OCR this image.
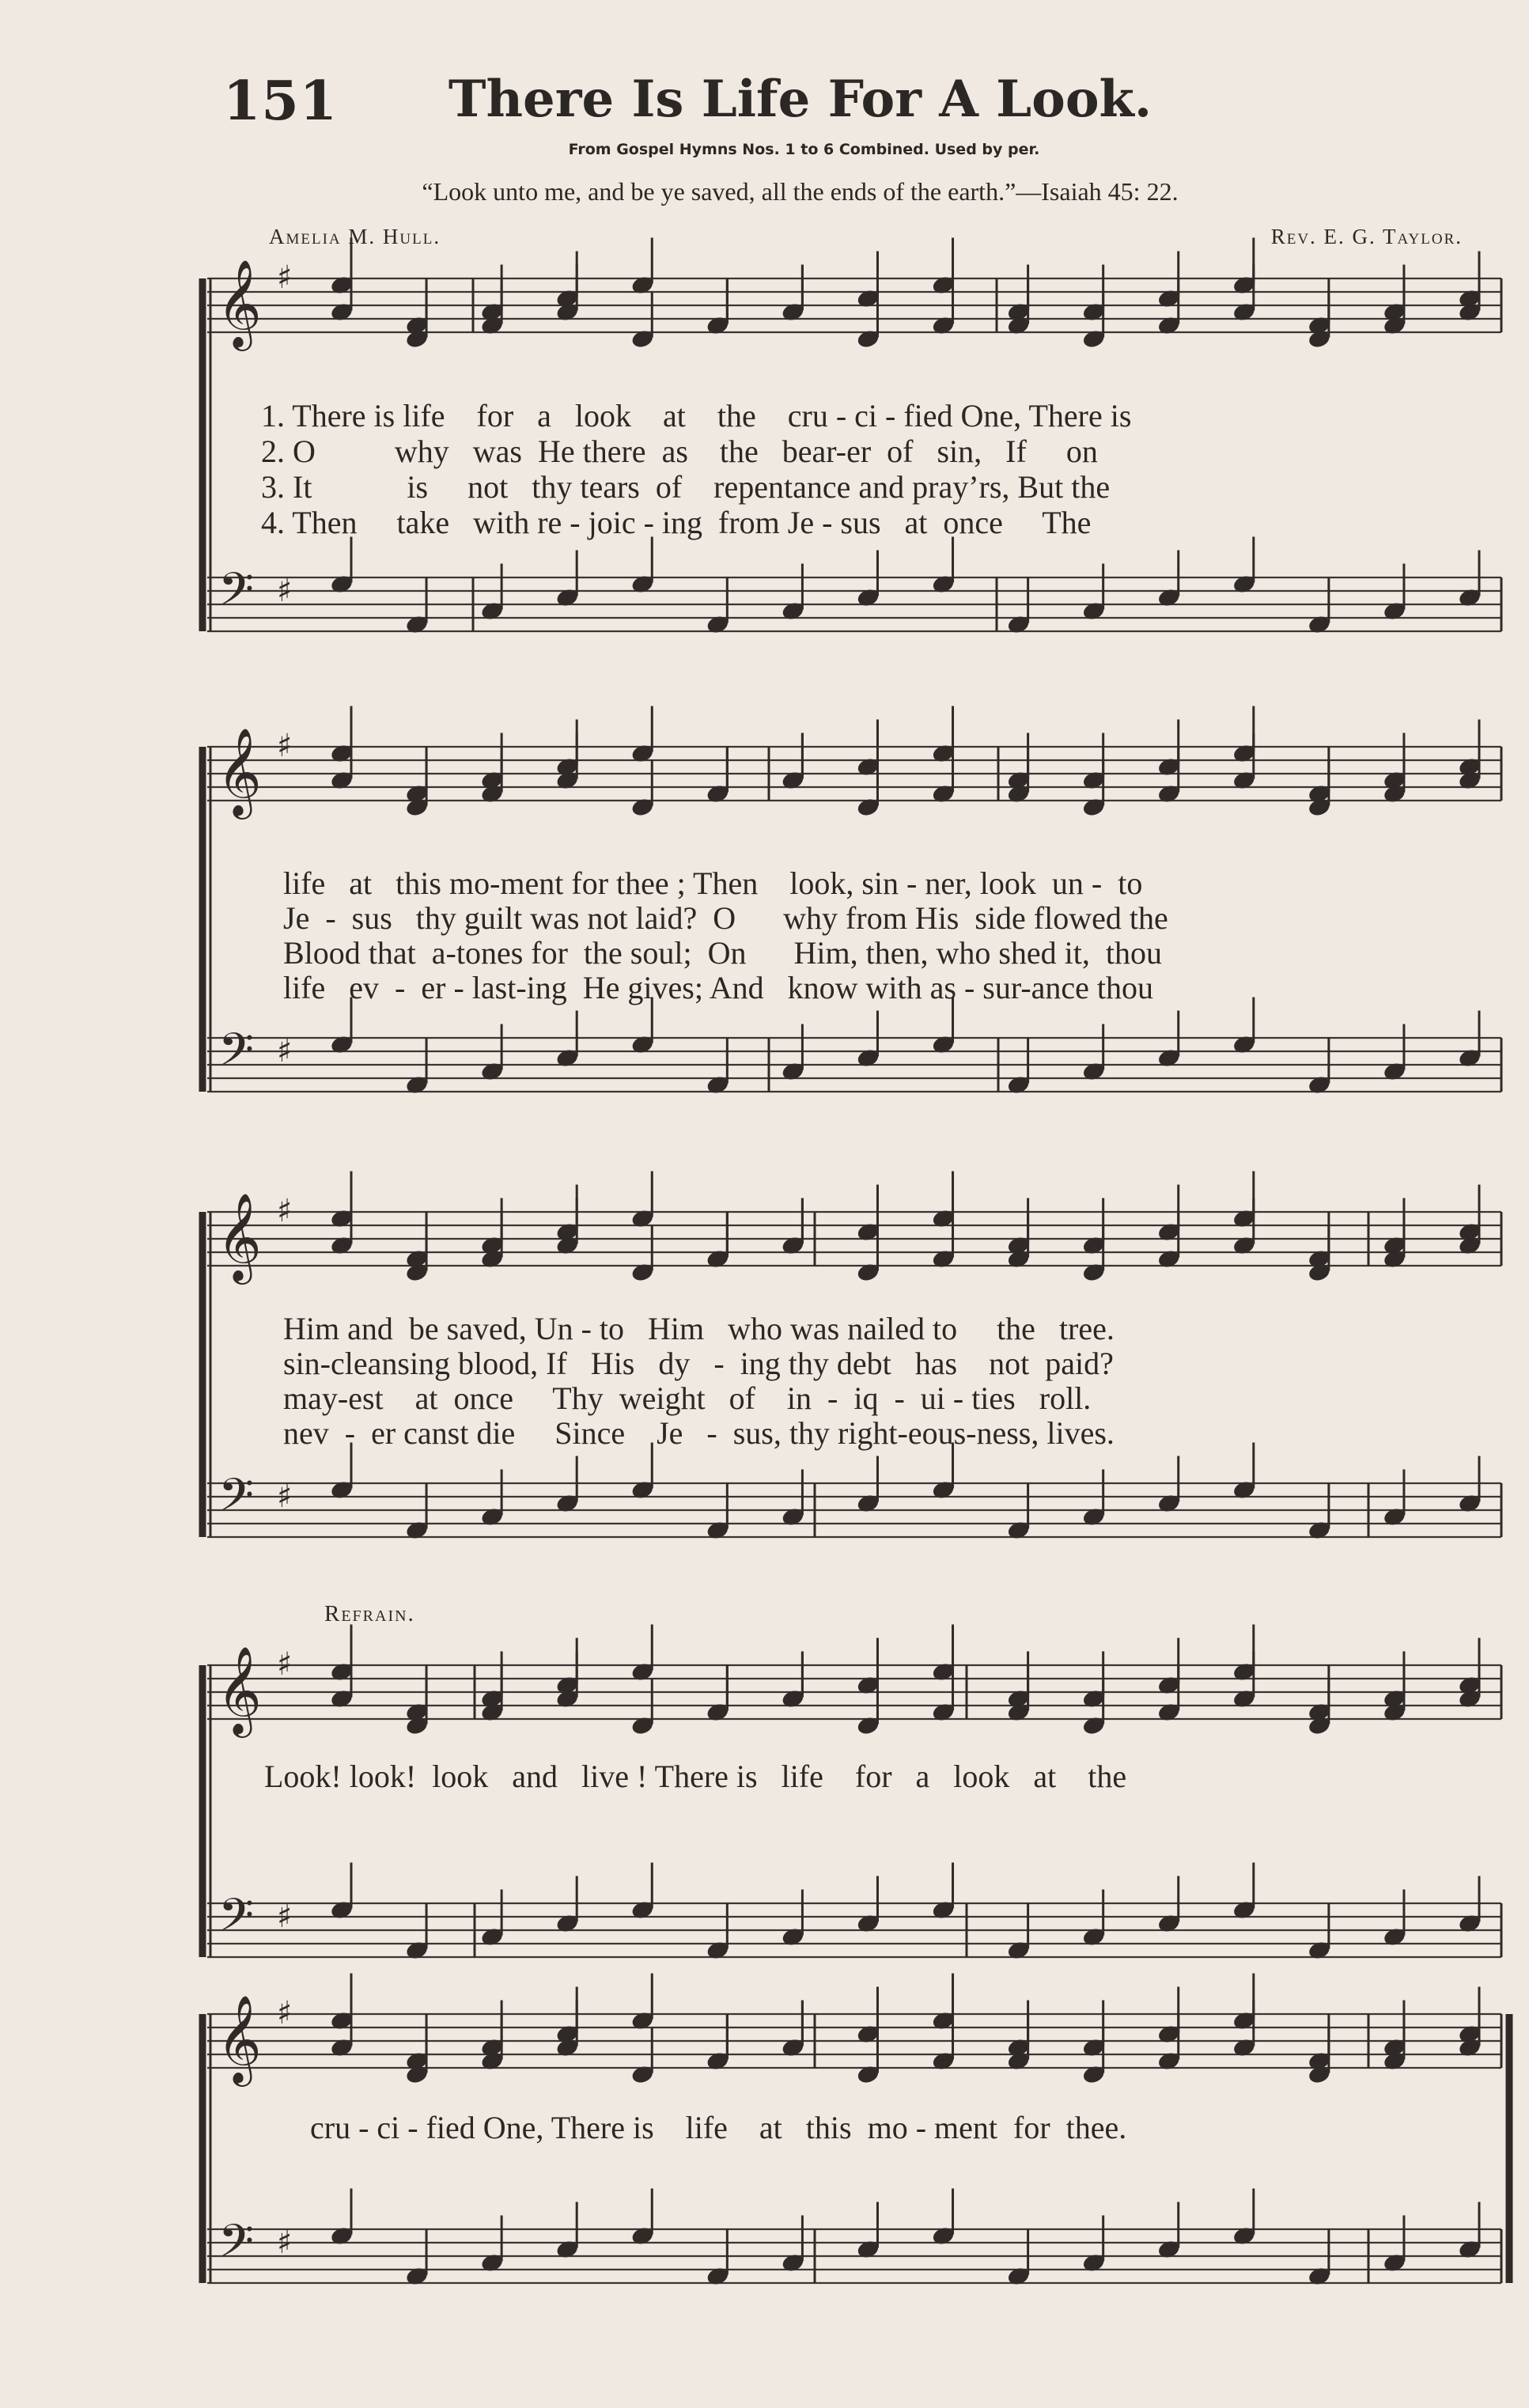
151	There Is Life For A Look.
From Gospel Hymns Nos. 1 to 6 Combined. Used by per.
“Look unto me, and be ye saved, all the ends of the earth.”—Isaiah 45: 22.
Amelia M. Hull.	Rev. E. G. Taylor.
Refrain.
𝄞
𝄢
♯
♯
𝄞
𝄢
♯
♯
𝄞
𝄢
♯
♯
𝄞
𝄢
♯
♯
𝄞
𝄢
♯
♯
1. There is life    for   a   look    at    the    cru - ci - fied One, There is
2. O          why   was  He there  as    the   bear-er  of   sin,   If     on
3. It            is     not   thy tears  of    repentance and pray’rs, But the
4. Then     take   with re - joic - ing  from Je - sus   at  once     The
life   at   this mo-ment for thee ; Then    look, sin - ner, look  un -  to
Je  -  sus   thy guilt was not laid?  O      why from His  side flowed the
Blood that  a-tones for  the soul;  On      Him, then, who shed it,  thou
life   ev  -  er - last-ing  He gives; And   know with as - sur-ance thou
Him and  be saved, Un - to   Him   who was nailed to     the   tree.
sin-cleansing blood, If   His   dy   -  ing thy debt   has    not  paid?
may-est    at  once     Thy  weight   of    in  -  iq  -  ui - ties   roll.
nev  -  er canst die     Since    Je   -  sus, thy right-eous-ness, lives.
Look! look!  look   and   live ! There is   life    for   a   look   at    the
cru - ci - fied One, There is    life    at   this  mo - ment  for  thee.
